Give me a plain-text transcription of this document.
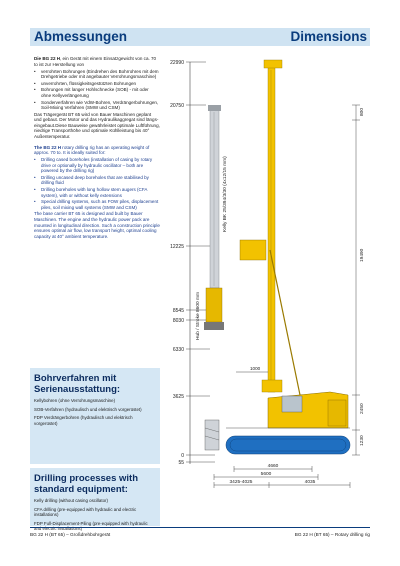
Abmessungen	Dimensions

Die BG 22 H, ein Gerät mit einem Einsatzgewicht von ca. 70 to ist zur Herstellung von

• verrohrten Bohrungen (Eindrehen des Bohrrohres mit dem Drehgetriebe oder mit angebauter Verrohrungsmaschine)
• unverrohrten, flüssigkeitsgestützten Bohrungen
• Bohrungen mit langer Hohlschnecke (SOB) - mit oder ohne Kellyverlängerung
• Sonderverfahren wie VdW-Bohren, Verdrängerbohrungen, Soil-Mixing Verfahren (SMW und CSM)

Das Trägergerät BT 65 wird von Bauer Maschinen geplant und gebaut. Der Motor und das Hydraulikaggregat sind längs-eingebaut.Diese Bauweise gewährleistet optimale Luftführung, niedrige Transporthöhe und optimale Kühlleistung bis 40° Außentemperatur.

The BG 22 H rotary drilling rig has an operating weight of approx. 70 to. It is ideally suited for:

• Drilling cased boreholes (installation of casing by rotary drive or optionally by hydraulic oscillator – both are powered by the drilling rig)
• Drilling uncased deep boreholes that are stabilised by drilling fluid
• Drilling boreholes with long hollow stem augers (CFA system), with or without kelly extensions
• Special drilling systems, such as FOW piles, displacement piles, soil mixing wall systems (SMW and CSM)

The base carrier BT 65 is designed and built by Bauer Maschinen. The engine and the hydraulic power pack are mounted in longitudinal direction. Such a construction principle ensures optimal air flow, low transport height, optimal cooling capacity at 40° ambient temperature.

Bohrverfahren mit Serienausstattung:
Kellybohren (ohne Verrohrungsmaschine)
SOB-Verfahren (hydraulisch und elektrisch vorgerüstet)
FDP Verdrängerbohren (hydraulisch und elektrisch vorgerüstet)
Drilling processes with standard equipment:
Kelly drilling (without casing oscillator)
CFA drilling (pre-equipped with hydraulic and electric installations)
FDP Full-Displacement-Piling (pre-equipped with hydraulic and electric installations)
22990
20750
12225
8545
8030
6330
3625
0
55
Hub / Stroke 8600 mm
Kelly BK 25/394/3/30 (4x12/15 mm)
1000
800
19490
2450
1230
4660
5600
3425-4025	4035
BG 22 H (BT 65) – Großdrehbohrgerät	BG 22 H (BT 65) – Rotary drilling rig
